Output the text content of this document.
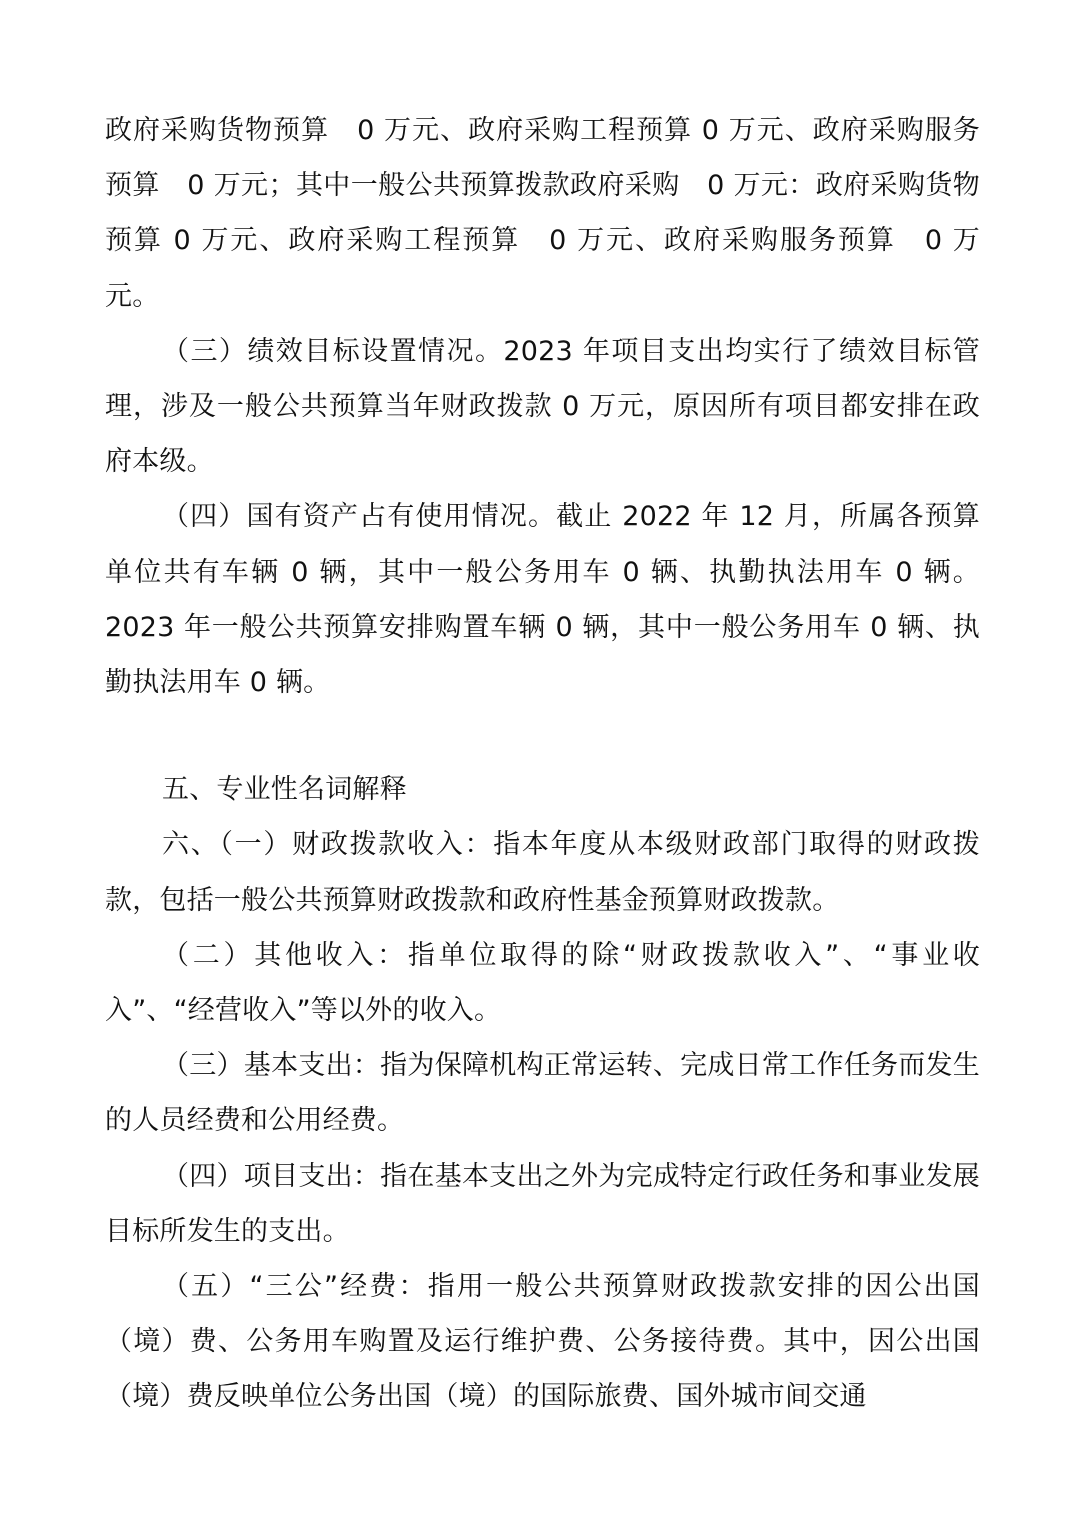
政府采购货物预算　0 万元、政府采购工程预算 0 万元、政府采购服务预算　0 万元；其中一般公共预算拨款政府采购　0 万元：政府采购货物预算 0 万元、政府采购工程预算　0 万元、政府采购服务预算　0 万元。

（三）绩效目标设置情况。2023 年项目支出均实行了绩效目标管理，涉及一般公共预算当年财政拨款 0 万元，原因所有项目都安排在政府本级。

（四）国有资产占有使用情况。截止 2022 年 12 月，所属各预算单位共有车辆 0 辆，其中一般公务用车 0 辆、执勤执法用车 0 辆。2023 年一般公共预算安排购置车辆 0 辆，其中一般公务用车 0 辆、执勤执法用车 0 辆。

五、专业性名词解释

六、（一）财政拨款收入：指本年度从本级财政部门取得的财政拨款，包括一般公共预算财政拨款和政府性基金预算财政拨款。

（二）其他收入：指单位取得的除“财政拨款收入”、“事业收入”、“经营收入”等以外的收入。

（三）基本支出：指为保障机构正常运转、完成日常工作任务而发生的人员经费和公用经费。

（四）项目支出：指在基本支出之外为完成特定行政任务和事业发展目标所发生的支出。

（五）“三公”经费：指用一般公共预算财政拨款安排的因公出国（境）费、公务用车购置及运行维护费、公务接待费。其中，因公出国（境）费反映单位公务出国（境）的国际旅费、国外城市间交通
